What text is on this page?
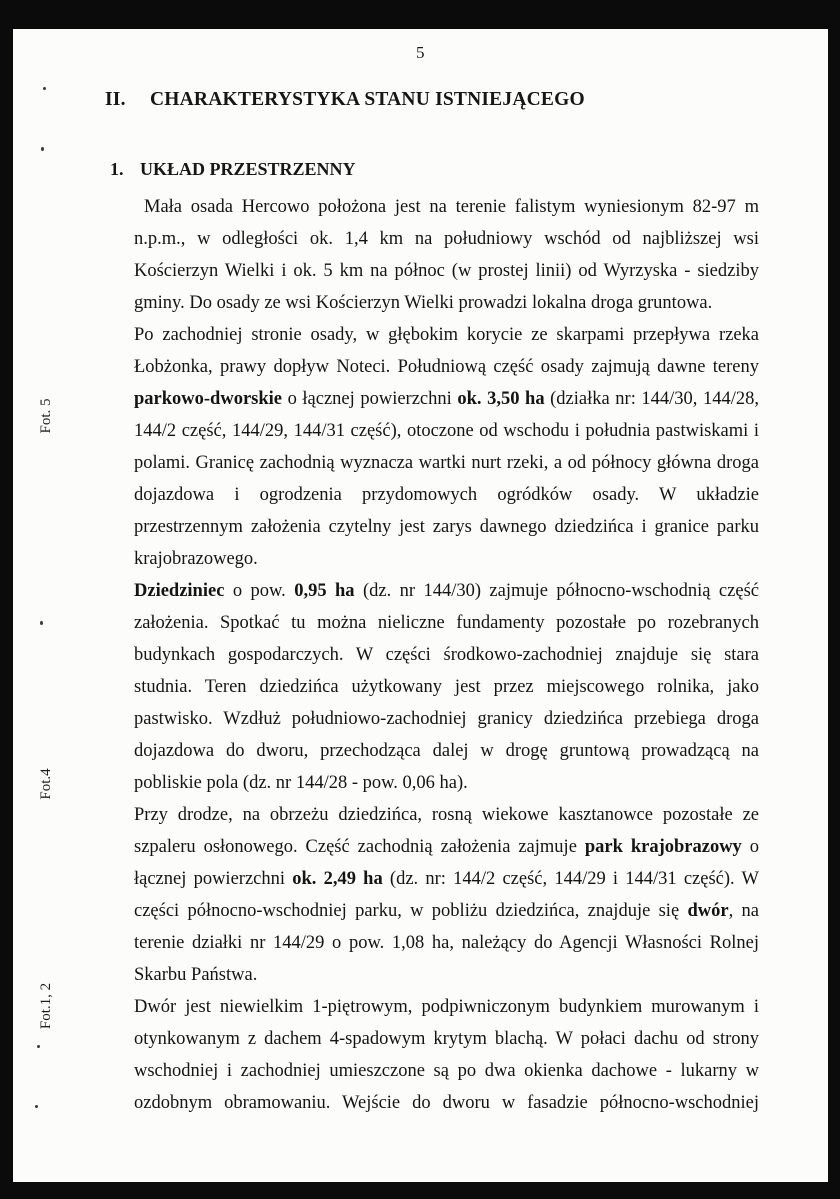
5
II.	CHARAKTERYSTYKA STANU ISTNIEJĄCEGO
1. UKŁAD PRZESTRZENNY
Mała osada Hercowo położona jest na terenie falistym wyniesionym 82-97 m n.p.m., w odległości ok. 1,4 km na południowy wschód od najbliższej wsi Kościerzyn Wielki i ok. 5 km na północ (w prostej linii) od Wyrzyska - siedziby gminy. Do osady ze wsi Kościerzyn Wielki prowadzi lokalna droga gruntowa.
Po zachodniej stronie osady, w głębokim korycie ze skarpami przepływa rzeka Łobżonka, prawy dopływ Noteci. Południową część osady zajmują dawne tereny parkowo-dworskie o łącznej powierzchni ok. 3,50 ha (działka nr: 144/30, 144/28, 144/2 część, 144/29, 144/31 część), otoczone od wschodu i południa pastwiskami i polami. Granicę zachodnią wyznacza wartki nurt rzeki, a od północy główna droga dojazdowa i ogrodzenia przydomowych ogródków osady. W układzie przestrzennym założenia czytelny jest zarys dawnego dziedzińca i granice parku krajobrazowego.
Dziedziniec o pow. 0,95 ha (dz. nr 144/30) zajmuje północno-wschodnią część założenia. Spotkać tu można nieliczne fundamenty pozostałe po rozebranych budynkach gospodarczych. W części środkowo-zachodniej znajduje się stara studnia. Teren dziedzińca użytkowany jest przez miejscowego rolnika, jako pastwisko. Wzdłuż południowo-zachodniej granicy dziedzińca przebiega droga dojazdowa do dworu, przechodząca dalej w drogę gruntową prowadzącą na pobliskie pola (dz. nr 144/28 - pow. 0,06 ha).
Przy drodze, na obrzeżu dziedzińca, rosną wiekowe kasztanowce pozostałe ze szpaleru osłonowego. Część zachodnią założenia zajmuje park krajobrazowy o łącznej powierzchni ok. 2,49 ha (dz. nr: 144/2 część, 144/29 i 144/31 część). W części północno-wschodniej parku, w pobliżu dziedzińca, znajduje się dwór, na terenie działki nr 144/29 o pow. 1,08 ha, należący do Agencji Własności Rolnej Skarbu Państwa.
Dwór jest niewielkim 1-piętrowym, podpiwniczonym budynkiem murowanym i otynkowanym z dachem 4-spadowym krytym blachą. W połaci dachu od strony wschodniej i zachodniej umieszczone są po dwa okienka dachowe - lukarny w ozdobnym obramowaniu. Wejście do dworu w fasadzie północno-wschodniej
Fot. 5
Fot.4
Fot.1, 2
